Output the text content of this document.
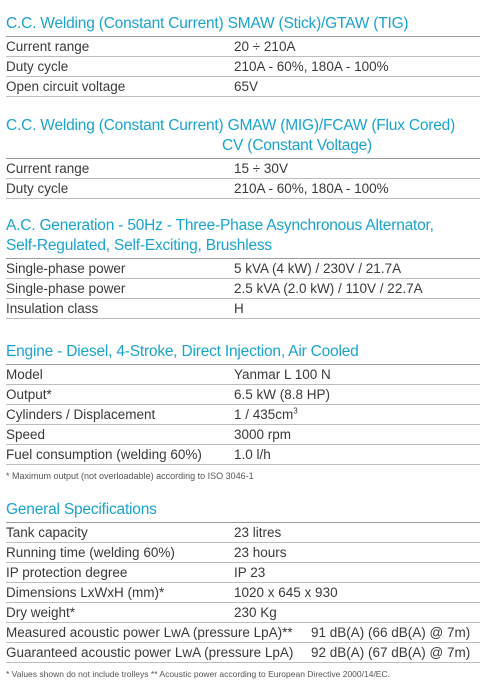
C.C. Welding (Constant Current) SMAW (Stick)/GTAW (TIG)
Current range	20 ÷ 210A
Duty cycle	210A - 60%, 180A - 100%
Open circuit voltage	65V
C.C. Welding (Constant Current) GMAW (MIG)/FCAW (Flux Cored)
CV (Constant Voltage)
Current range	15 ÷ 30V
Duty cycle	210A - 60%, 180A - 100%
A.C. Generation - 50Hz - Three-Phase Asynchronous Alternator,
Self-Regulated, Self-Exciting, Brushless
Single-phase power	5 kVA (4 kW) / 230V / 21.7A
Single-phase power	2.5 kVA (2.0 kW) / 110V / 22.7A
Insulation class	H
Engine - Diesel, 4-Stroke, Direct Injection, Air Cooled
Model	Yanmar L 100 N
Output*	6.5 kW (8.8 HP)
Cylinders / Displacement	$1 / 435cm^3$
Speed	3000 rpm
Fuel consumption (welding 60%)	1.0 l/h
* Maximum output (not overloadable) according to ISO 3046-1
General Specifications
Tank capacity	23 litres
Running time (welding 60%)	23 hours
IP protection degree	IP 23
Dimensions LxWxH (mm)*	1020 x 645 x 930
Dry weight*	230 Kg
Measured acoustic power LwA (pressure LpA)**	91 dB(A) (66 dB(A) @ 7m)
Guaranteed acoustic power LwA (pressure LpA)	92 dB(A) (67 dB(A) @ 7m)
* Values shown do not include trolleys ** Acoustic power according to European Directive 2000/14/EC.
